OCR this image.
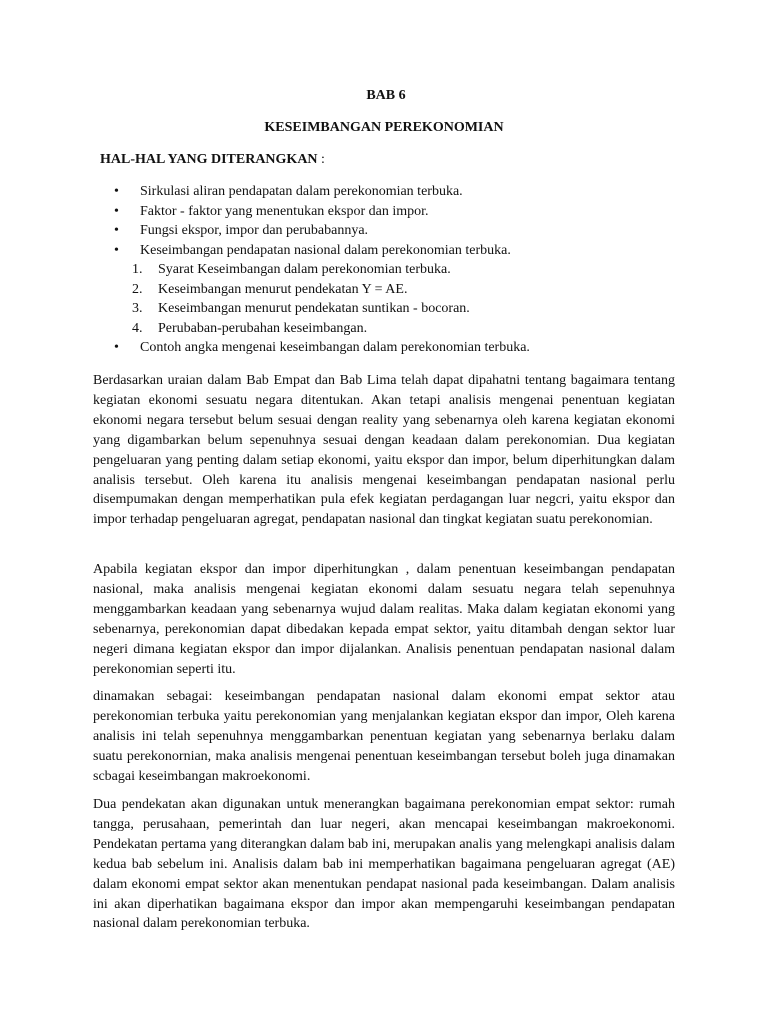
BAB 6
KESEIMBANGAN PEREKONOMIAN
HAL-HAL YANG DITERANGKAN :
• Sirkulasi aliran pendapatan dalam perekonomian terbuka.
• Faktor - faktor yang menentukan ekspor dan impor.
• Fungsi ekspor, impor dan perubabannya.
• Keseimbangan pendapatan nasional dalam perekonomian terbuka.
1. Syarat Keseimbangan dalam perekonomian terbuka.
2. Keseimbangan menurut pendekatan Y = AE.
3. Keseimbangan menurut pendekatan suntikan - bocoran.
4. Perubaban-perubahan keseimbangan.
• Contoh angka mengenai keseimbangan dalam perekonomian terbuka.

Berdasarkan uraian dalam Bab Empat dan Bab Lima telah dapat dipahatni tentang bagaimara tentang kegiatan ekonomi sesuatu negara ditentukan. Akan tetapi analisis mengenai penentuan kegiatan ekonomi negara tersebut belum sesuai dengan reality yang sebenarnya oleh karena kegiatan ekonomi yang digambarkan belum sepenuhnya sesuai dengan keadaan dalam perekonomian. Dua kegiatan pengeluaran yang penting dalam setiap ekonomi, yaitu ekspor dan impor, belum diperhitungkan dalam analisis tersebut. Oleh karena itu analisis mengenai keseimbangan pendapatan nasional perlu disempumakan dengan memperhatikan pula efek kegiatan perdagangan luar negcri, yaitu ekspor dan impor terhadap pengeluaran agregat, pendapatan nasional dan tingkat kegiatan suatu perekonomian.

Apabila kegiatan ekspor dan impor diperhitungkan , dalam penentuan keseimbangan pendapatan nasional, maka analisis mengenai kegiatan ekonomi dalam sesuatu negara telah sepenuhnya menggambarkan keadaan yang sebenarnya wujud dalam realitas. Maka dalam kegiatan ekonomi yang sebenarnya, perekonomian dapat dibedakan kepada empat sektor, yaitu ditambah dengan sektor luar negeri dimana kegiatan ekspor dan impor dijalankan. Analisis penentuan pendapatan nasional dalam perekonomian seperti itu.

dinamakan sebagai: keseimbangan pendapatan nasional dalam ekonomi empat sektor atau perekonomian terbuka yaitu perekonomian yang menjalankan kegiatan ekspor dan impor, Oleh karena analisis ini telah sepenuhnya menggambarkan penentuan kegiatan yang sebenarnya berlaku dalam suatu perekonornian, maka analisis mengenai penentuan keseimbangan tersebut boleh juga dinamakan scbagai keseimbangan makroekonomi.

Dua pendekatan akan digunakan untuk menerangkan bagaimana perekonomian empat sektor: rumah tangga, perusahaan, pemerintah dan luar negeri, akan mencapai keseimbangan makroekonomi. Pendekatan pertama yang diterangkan dalam bab ini, merupakan analis yang melengkapi analisis dalam kedua bab sebelum ini. Analisis dalam bab ini memperhatikan bagaimana pengeluaran agregat (AE) dalam ekonomi empat sektor akan menentukan pendapat nasional pada keseimbangan. Dalam analisis ini akan diperhatikan bagaimana ekspor dan impor akan mempengaruhi keseimbangan pendapatan nasional dalam perekonomian terbuka.
